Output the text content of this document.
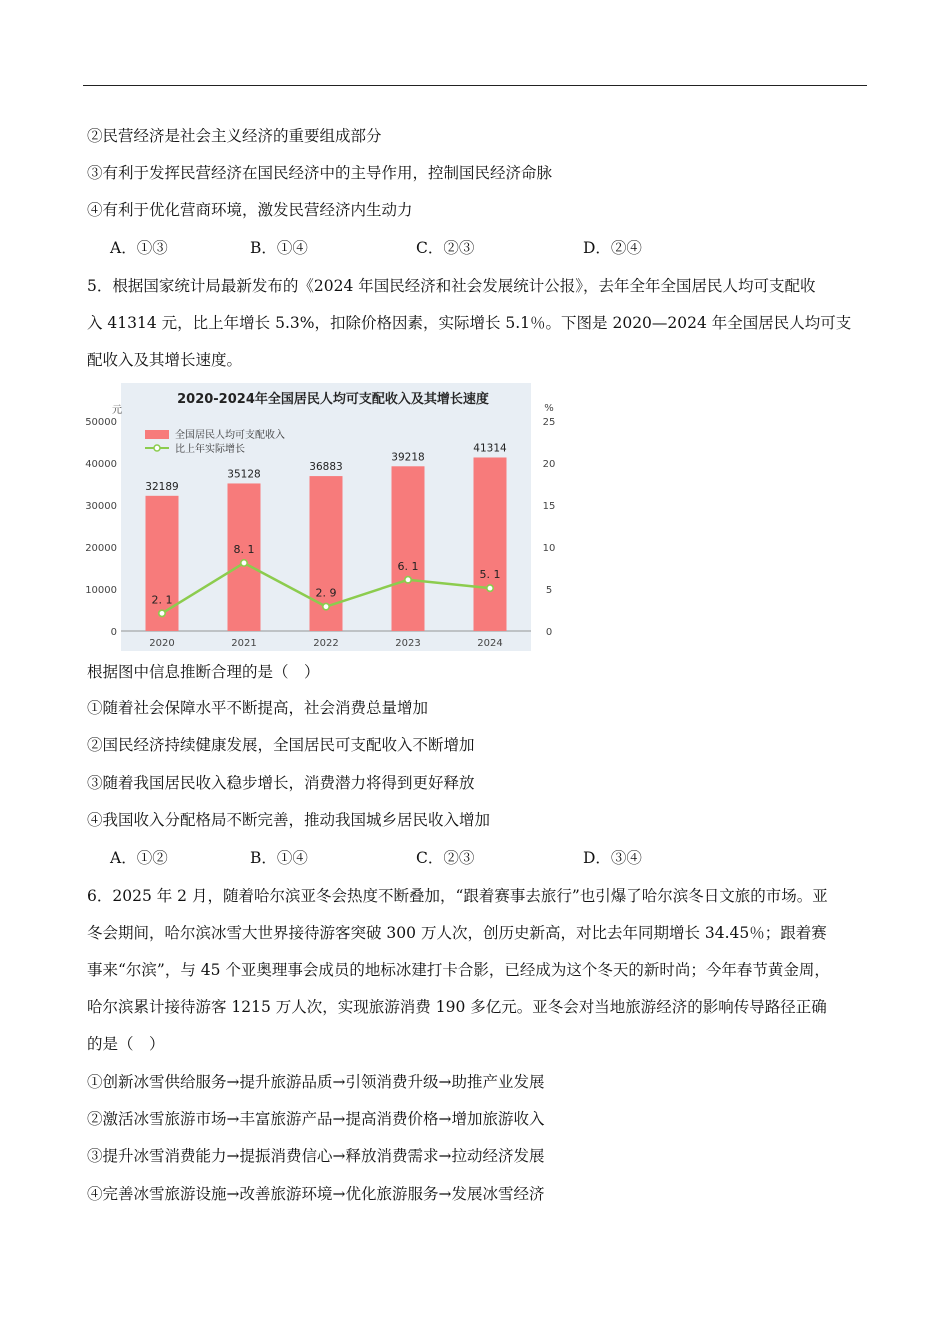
②民营经济是社会主义经济的重要组成部分
③有利于发挥民营经济在国民经济中的主导作用，控制国民经济命脉
④有利于优化营商环境，激发民营经济内生动力
A．①③	B．①④	C．②③	D．②④
5．根据国家统计局最新发布的《2024 年国民经济和社会发展统计公报》，去年全年全国居民人均可支配收
入 41314 元，比上年增长 5.3%，扣除价格因素，实际增长 5.1％。下图是 2020—2024 年全国居民人均可支
配收入及其增长速度。
2020-2024年全国居民人均可支配收入及其增长速度
元	%
50000
40000
30000
20000
10000
0
25
20
15
10
5
0
32189
35128
36883
39218
41314
2. 1
8. 1
2. 9
6. 1
5. 1
2020	2021	2022	2023	2024
全国居民人均可支配收入
比上年实际增长
根据图中信息推断合理的是（　）
①随着社会保障水平不断提高，社会消费总量增加
②国民经济持续健康发展，全国居民可支配收入不断增加
③随着我国居民收入稳步增长，消费潜力将得到更好释放
④我国收入分配格局不断完善，推动我国城乡居民收入增加
A．①②	B．①④	C．②③	D．③④
6．2025 年 2 月，随着哈尔滨亚冬会热度不断叠加，“跟着赛事去旅行”也引爆了哈尔滨冬日文旅的市场。亚
冬会期间，哈尔滨冰雪大世界接待游客突破 300 万人次，创历史新高，对比去年同期增长 34.45％；跟着赛
事来“尔滨”，与 45 个亚奥理事会成员的地标冰建打卡合影，已经成为这个冬天的新时尚；今年春节黄金周，
哈尔滨累计接待游客 1215 万人次，实现旅游消费 190 多亿元。亚冬会对当地旅游经济的影响传导路径正确
的是（　）
①创新冰雪供给服务→提升旅游品质→引领消费升级→助推产业发展
②激活冰雪旅游市场→丰富旅游产品→提高消费价格→增加旅游收入
③提升冰雪消费能力→提振消费信心→释放消费需求→拉动经济发展
④完善冰雪旅游设施→改善旅游环境→优化旅游服务→发展冰雪经济
